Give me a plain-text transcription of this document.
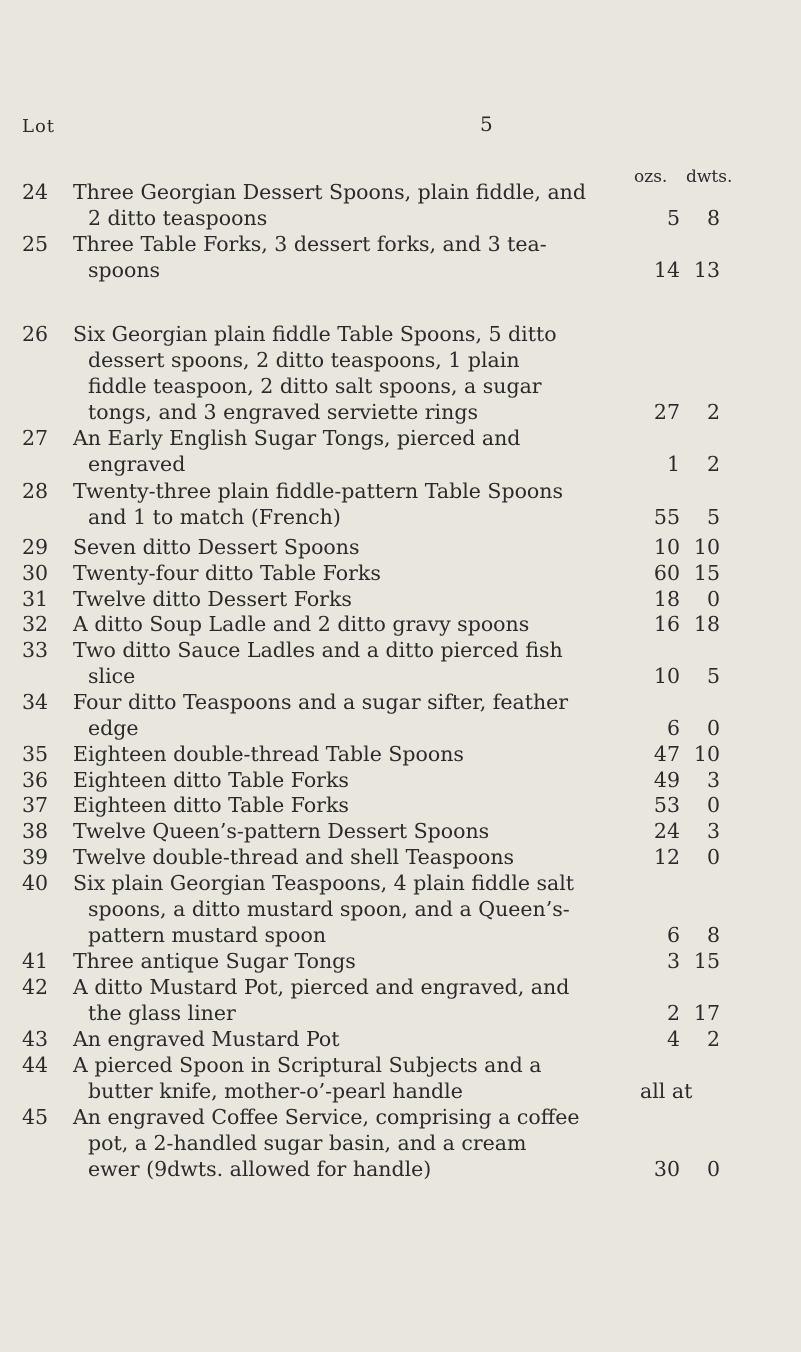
5
Lot
ozs. dwts.
24 Three Georgian Dessert Spoons, plain fiddle, and
2 ditto teaspoons	5	8
25 Three Table Forks, 3 dessert forks, and 3 tea-
spoons	14 13
26 Six Georgian plain fiddle Table Spoons, 5 ditto
dessert spoons, 2 ditto teaspoons, 1 plain
fiddle teaspoon, 2 ditto salt spoons, a sugar
tongs, and 3 engraved serviette rings	27	2
27 An Early English Sugar Tongs, pierced and
engraved	1	2
28 Twenty-three plain fiddle-pattern Table Spoons
and 1 to match (French)	55	5
29 Seven ditto Dessert Spoons	10 10
30 Twenty-four ditto Table Forks	60 15
31 Twelve ditto Dessert Forks	18	0
32 A ditto Soup Ladle and 2 ditto gravy spoons	16 18
33 Two ditto Sauce Ladles and a ditto pierced fish
slice	10	5
34 Four ditto Teaspoons and a sugar sifter, feather
edge	6	0
35 Eighteen double-thread Table Spoons	47 10
36 Eighteen ditto Table Forks	49	3
37 Eighteen ditto Table Forks	53	0
38 Twelve Queen’s-pattern Dessert Spoons	24	3
39 Twelve double-thread and shell Teaspoons	12	0
40 Six plain Georgian Teaspoons, 4 plain fiddle salt
spoons, a ditto mustard spoon, and a Queen’s-
pattern mustard spoon	6	8
41 Three antique Sugar Tongs	3 15
42 A ditto Mustard Pot, pierced and engraved, and
the glass liner	2 17
43 An engraved Mustard Pot	4	2
44 A pierced Spoon in Scriptural Subjects and a
butter knife, mother-o’-pearl handle	all at
45 An engraved Coffee Service, comprising a coffee
pot, a 2-handled sugar basin, and a cream
ewer (9dwts. allowed for handle)	30	0
